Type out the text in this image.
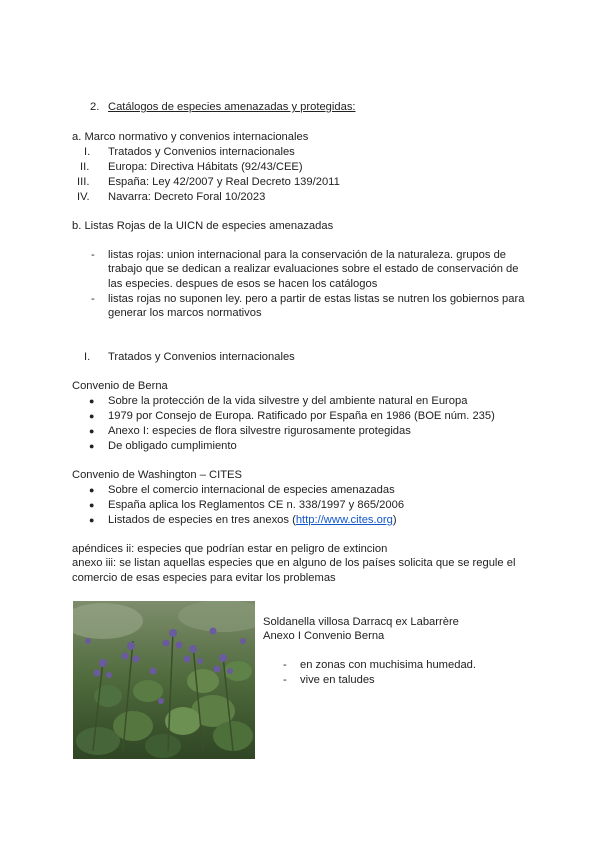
2. Catálogos de especies amenazadas y protegidas:
a. Marco normativo y convenios internacionales
I. Tratados y Convenios internacionales
II. Europa: Directiva Hábitats (92/43/CEE)
III. España: Ley 42/2007 y Real Decreto 139/2011
IV. Navarra: Decreto Foral 10/2023
b. Listas Rojas de la UICN de especies amenazadas
- listas rojas: union internacional para la conservación de la naturaleza. grupos de
trabajo que se dedican a realizar evaluaciones sobre el estado de conservación de
las especies. despues de esos se hacen los catálogos
- listas rojas no suponen ley. pero a partir de estas listas se nutren los gobiernos para
generar los marcos normativos
I. Tratados y Convenios internacionales
Convenio de Berna
● Sobre la protección de la vida silvestre y del ambiente natural en Europa
● 1979 por Consejo de Europa. Ratificado por España en 1986 (BOE núm. 235)
● Anexo I: especies de flora silvestre rigurosamente protegidas
● De obligado cumplimiento
Convenio de Washington – CITES
● Sobre el comercio internacional de especies amenazadas
● España aplica los Reglamentos CE n. 338/1997 y 865/2006
● Listados de especies en tres anexos (http://www.cites.org)
apéndices ii: especies que podrían estar en peligro de extincion
anexo iii: se listan aquellas especies que en alguno de los países solicita que se regule el
comercio de esas especies para evitar los problemas
Soldanella villosa Darracq ex Labarrère
Anexo I Convenio Berna
- en zonas con muchisima humedad.
- vive en taludes
